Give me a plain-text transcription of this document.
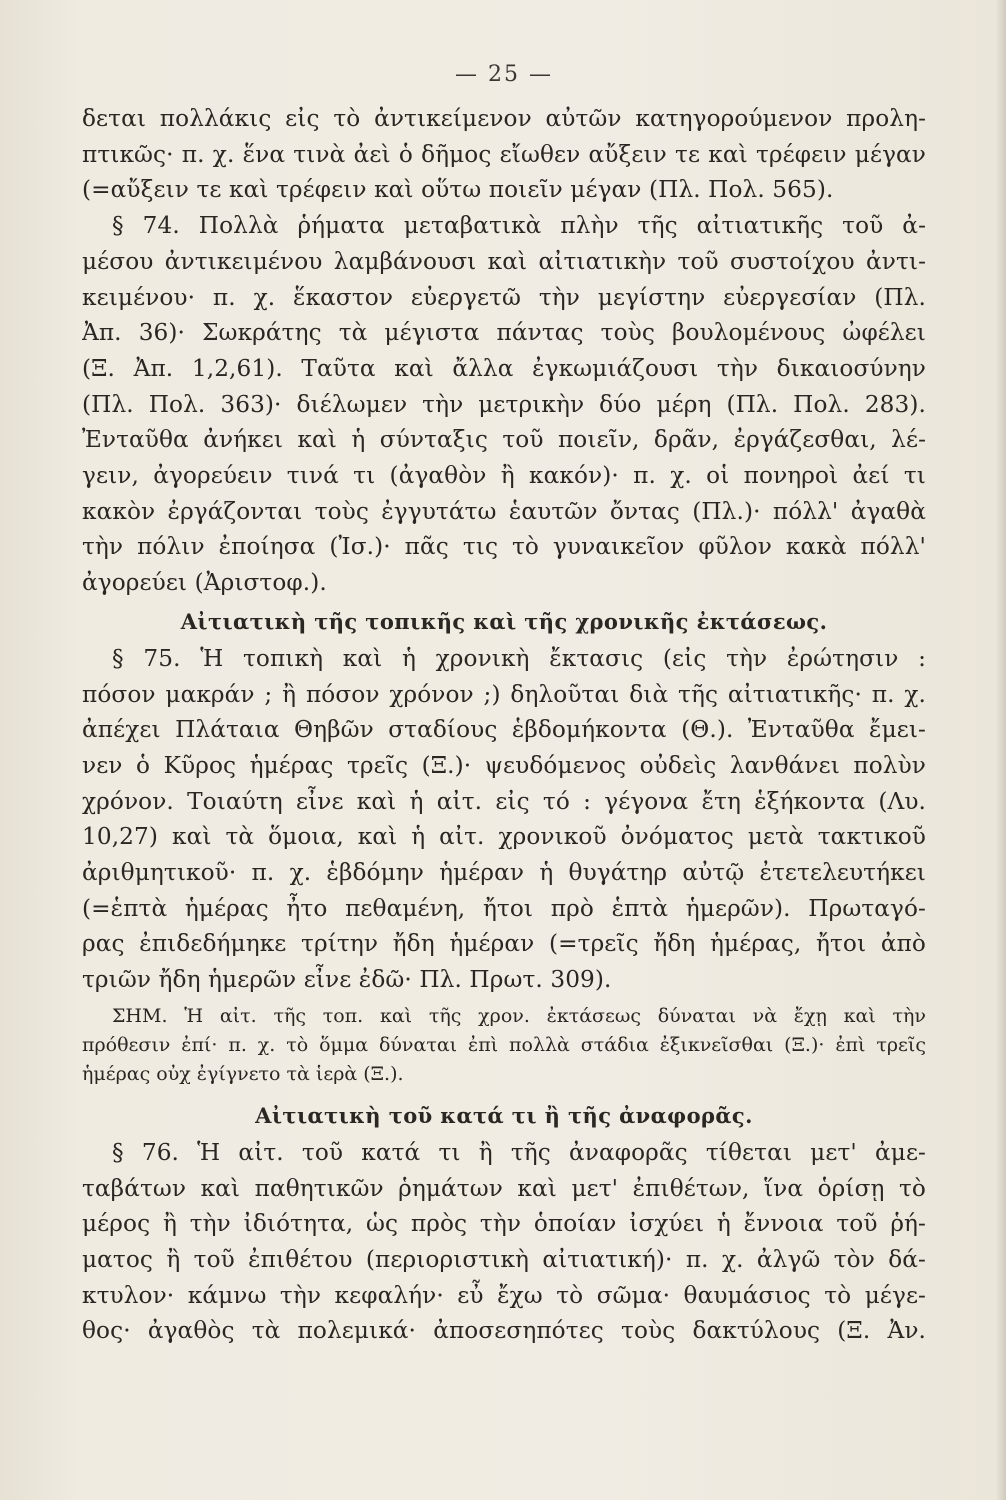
— 25 —
δεται πολλάκις εἰς τὸ ἀντικείμενον αὐτῶν κατηγορούμενον προλη-
πτικῶς· π. χ. ἕνα τινὰ ἀεὶ ὁ δῆμος εἴωθεν αὔξειν τε καὶ τρέφειν μέγαν
(=αὔξειν τε καὶ τρέφειν καὶ οὕτω ποιεῖν μέγαν (Πλ. Πολ. 565).
§ 74. Πολλὰ ῥήματα μεταβατικὰ πλὴν τῆς αἰτιατικῆς τοῦ ἀ-
μέσου ἀντικειμένου λαμβάνουσι καὶ αἰτιατικὴν τοῦ συστοίχου ἀντι-
κειμένου· π. χ. ἕκαστον εὐεργετῶ τὴν μεγίστην εὐεργεσίαν (Πλ.
Ἀπ. 36)· Σωκράτης τὰ μέγιστα πάντας τοὺς βουλομένους ὠφέλει
(Ξ. Ἀπ. 1,2,61). Ταῦτα καὶ ἄλλα ἐγκωμιάζουσι τὴν δικαιοσύνην
(Πλ. Πολ. 363)· διέλωμεν τὴν μετρικὴν δύο μέρη (Πλ. Πολ. 283).
Ἐνταῦθα ἀνήκει καὶ ἡ σύνταξις τοῦ ποιεῖν, δρᾶν, ἐργάζεσθαι, λέ-
γειν, ἀγορεύειν τινά τι (ἀγαθὸν ἢ κακόν)· π. χ. οἱ πονηροὶ ἀεί τι
κακὸν ἐργάζονται τοὺς ἐγγυτάτω ἑαυτῶν ὄντας (Πλ.)· πόλλ' ἀγαθὰ
τὴν πόλιν ἐποίησα (Ἰσ.)· πᾶς τις τὸ γυναικεῖον φῦλον κακὰ πόλλ'
ἀγορεύει (Ἀριστοφ.).
Αἰτιατικὴ τῆς τοπικῆς καὶ τῆς χρονικῆς ἐκτάσεως.
§ 75. Ἡ τοπικὴ καὶ ἡ χρονικὴ ἔκτασις (εἰς τὴν ἐρώτησιν :
πόσον μακράν ; ἢ πόσον χρόνον ;) δηλοῦται διὰ τῆς αἰτιατικῆς· π. χ.
ἀπέχει Πλάταια Θηβῶν σταδίους ἑβδομήκοντα (Θ.). Ἐνταῦθα ἔμει-
νεν ὁ Κῦρος ἡμέρας τρεῖς (Ξ.)· ψευδόμενος οὐδεὶς λανθάνει πολὺν
χρόνον. Τοιαύτη εἶνε καὶ ἡ αἰτ. εἰς τό : γέγονα ἔτη ἑξήκοντα (Λυ.
10,27) καὶ τὰ ὅμοια, καὶ ἡ αἰτ. χρονικοῦ ὀνόματος μετὰ τακτικοῦ
ἀριθμητικοῦ· π. χ. ἑβδόμην ἡμέραν ἡ θυγάτηρ αὐτῷ ἐτετελευτήκει
(=ἑπτὰ ἡμέρας ἦτο πεθαμένη, ἤτοι πρὸ ἑπτὰ ἡμερῶν). Πρωταγό-
ρας ἐπιδεδήμηκε τρίτην ἤδη ἡμέραν (=τρεῖς ἤδη ἡμέρας, ἤτοι ἀπὸ
τριῶν ἤδη ἡμερῶν εἶνε ἐδῶ· Πλ. Πρωτ. 309).
ΣΗΜ. Ἡ αἰτ. τῆς τοπ. καὶ τῆς χρον. ἐκτάσεως δύναται νὰ ἔχῃ καὶ τὴν
πρόθεσιν ἐπί· π. χ. τὸ ὅμμα δύναται ἐπὶ πολλὰ στάδια ἐξικνεῖσθαι (Ξ.)· ἐπὶ τρεῖς
ἡμέρας οὐχ ἐγίγνετο τὰ ἱερὰ (Ξ.).
Αἰτιατικὴ τοῦ κατά τι ἢ τῆς ἀναφορᾶς.
§ 76. Ἡ αἰτ. τοῦ κατά τι ἢ τῆς ἀναφορᾶς τίθεται μετ' ἀμε-
ταβάτων καὶ παθητικῶν ῥημάτων καὶ μετ' ἐπιθέτων, ἵνα ὁρίσῃ τὸ
μέρος ἢ τὴν ἰδιότητα, ὡς πρὸς τὴν ὁποίαν ἰσχύει ἡ ἔννοια τοῦ ῥή-
ματος ἢ τοῦ ἐπιθέτου (περιοριστικὴ αἰτιατική)· π. χ. ἀλγῶ τὸν δά-
κτυλον· κάμνω τὴν κεφαλήν· εὖ ἔχω τὸ σῶμα· θαυμάσιος τὸ μέγε-
θος· ἀγαθὸς τὰ πολεμικά· ἀποσεσηπότες τοὺς δακτύλους (Ξ. Ἀν.
